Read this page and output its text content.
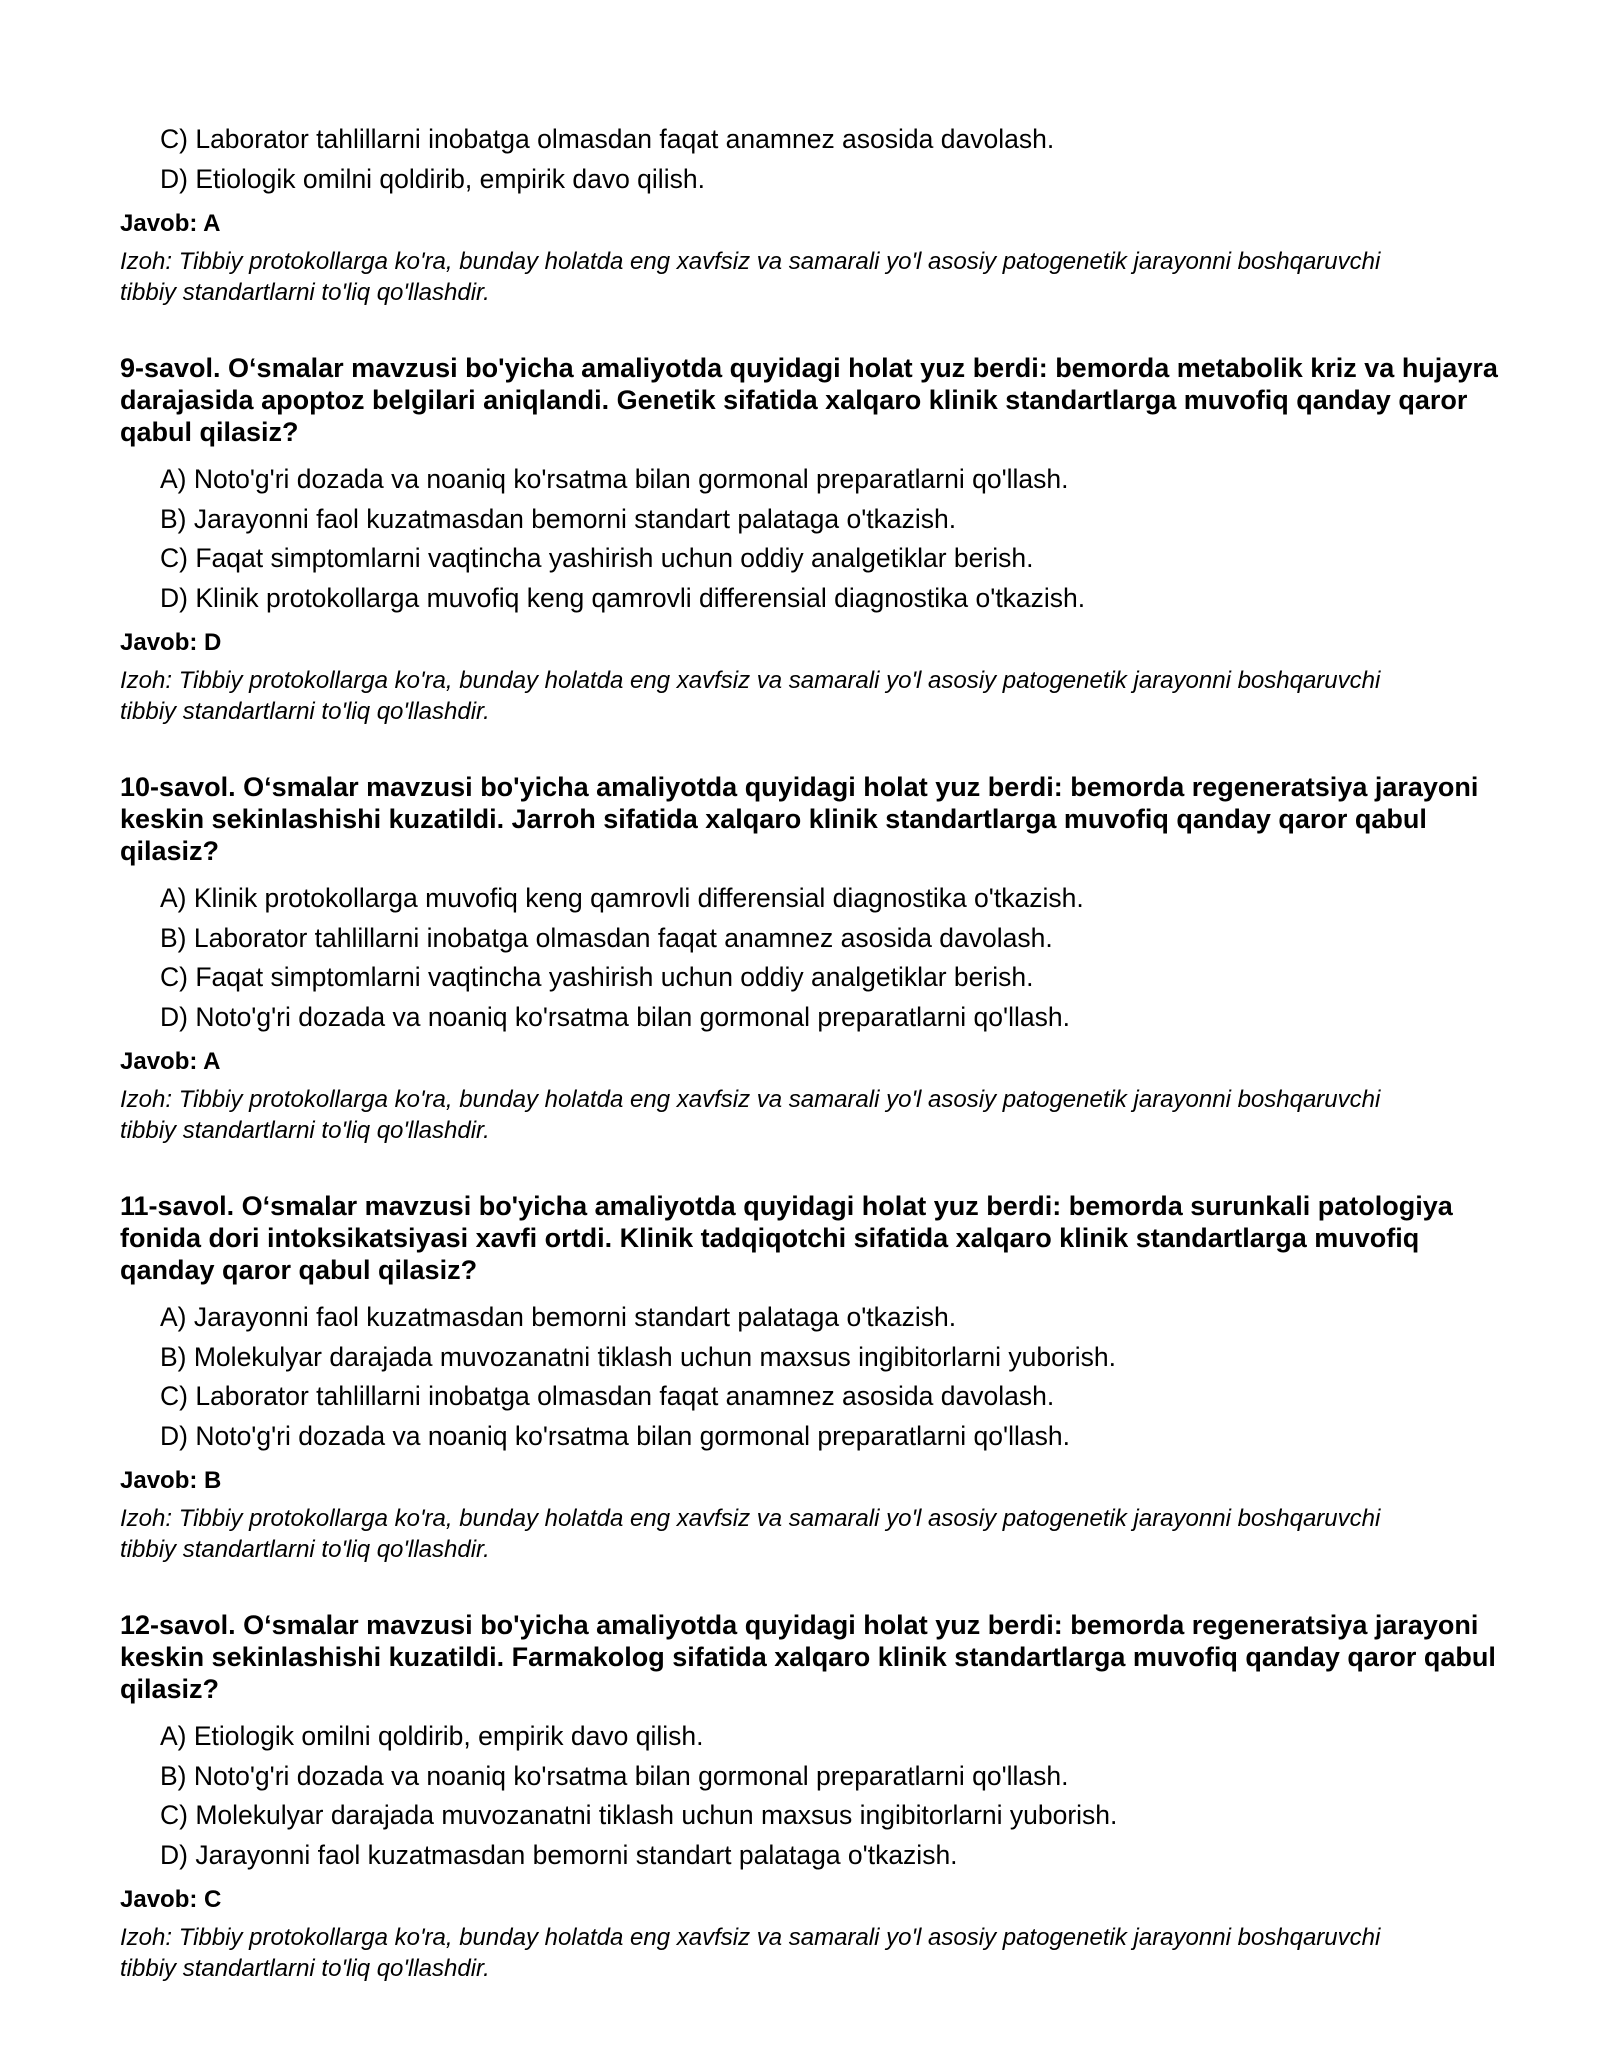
C) Laborator tahlillarni inobatga olmasdan faqat anamnez asosida davolash.
D) Etiologik omilni qoldirib, empirik davo qilish.
Javob: A

Izoh: Tibbiy protokollarga ko'ra, bunday holatda eng xavfsiz va samarali yo'l asosiy patogenetik jarayonni boshqaruvchi tibbiy standartlarni to'liq qo'llashdir.

9-savol. O‘smalar mavzusi bo'yicha amaliyotda quyidagi holat yuz berdi: bemorda metabolik kriz va hujayra darajasida apoptoz belgilari aniqlandi. Genetik sifatida xalqaro klinik standartlarga muvofiq qanday qaror qabul qilasiz?
A) Noto'g'ri dozada va noaniq ko'rsatma bilan gormonal preparatlarni qo'llash.
B) Jarayonni faol kuzatmasdan bemorni standart palataga o'tkazish.
C) Faqat simptomlarni vaqtincha yashirish uchun oddiy analgetiklar berish.
D) Klinik protokollarga muvofiq keng qamrovli differensial diagnostika o'tkazish.
Javob: D

Izoh: Tibbiy protokollarga ko'ra, bunday holatda eng xavfsiz va samarali yo'l asosiy patogenetik jarayonni boshqaruvchi tibbiy standartlarni to'liq qo'llashdir.

10-savol. O‘smalar mavzusi bo'yicha amaliyotda quyidagi holat yuz berdi: bemorda regeneratsiya jarayoni keskin sekinlashishi kuzatildi. Jarroh sifatida xalqaro klinik standartlarga muvofiq qanday qaror qabul qilasiz?
A) Klinik protokollarga muvofiq keng qamrovli differensial diagnostika o'tkazish.
B) Laborator tahlillarni inobatga olmasdan faqat anamnez asosida davolash.
C) Faqat simptomlarni vaqtincha yashirish uchun oddiy analgetiklar berish.
D) Noto'g'ri dozada va noaniq ko'rsatma bilan gormonal preparatlarni qo'llash.
Javob: A

Izoh: Tibbiy protokollarga ko'ra, bunday holatda eng xavfsiz va samarali yo'l asosiy patogenetik jarayonni boshqaruvchi tibbiy standartlarni to'liq qo'llashdir.

11-savol. O‘smalar mavzusi bo'yicha amaliyotda quyidagi holat yuz berdi: bemorda surunkali patologiya fonida dori intoksikatsiyasi xavfi ortdi. Klinik tadqiqotchi sifatida xalqaro klinik standartlarga muvofiq qanday qaror qabul qilasiz?
A) Jarayonni faol kuzatmasdan bemorni standart palataga o'tkazish.
B) Molekulyar darajada muvozanatni tiklash uchun maxsus ingibitorlarni yuborish.
C) Laborator tahlillarni inobatga olmasdan faqat anamnez asosida davolash.
D) Noto'g'ri dozada va noaniq ko'rsatma bilan gormonal preparatlarni qo'llash.
Javob: B

Izoh: Tibbiy protokollarga ko'ra, bunday holatda eng xavfsiz va samarali yo'l asosiy patogenetik jarayonni boshqaruvchi tibbiy standartlarni to'liq qo'llashdir.

12-savol. O‘smalar mavzusi bo'yicha amaliyotda quyidagi holat yuz berdi: bemorda regeneratsiya jarayoni keskin sekinlashishi kuzatildi. Farmakolog sifatida xalqaro klinik standartlarga muvofiq qanday qaror qabul qilasiz?
A) Etiologik omilni qoldirib, empirik davo qilish.
B) Noto'g'ri dozada va noaniq ko'rsatma bilan gormonal preparatlarni qo'llash.
C) Molekulyar darajada muvozanatni tiklash uchun maxsus ingibitorlarni yuborish.
D) Jarayonni faol kuzatmasdan bemorni standart palataga o'tkazish.
Javob: C

Izoh: Tibbiy protokollarga ko'ra, bunday holatda eng xavfsiz va samarali yo'l asosiy patogenetik jarayonni boshqaruvchi tibbiy standartlarni to'liq qo'llashdir.
